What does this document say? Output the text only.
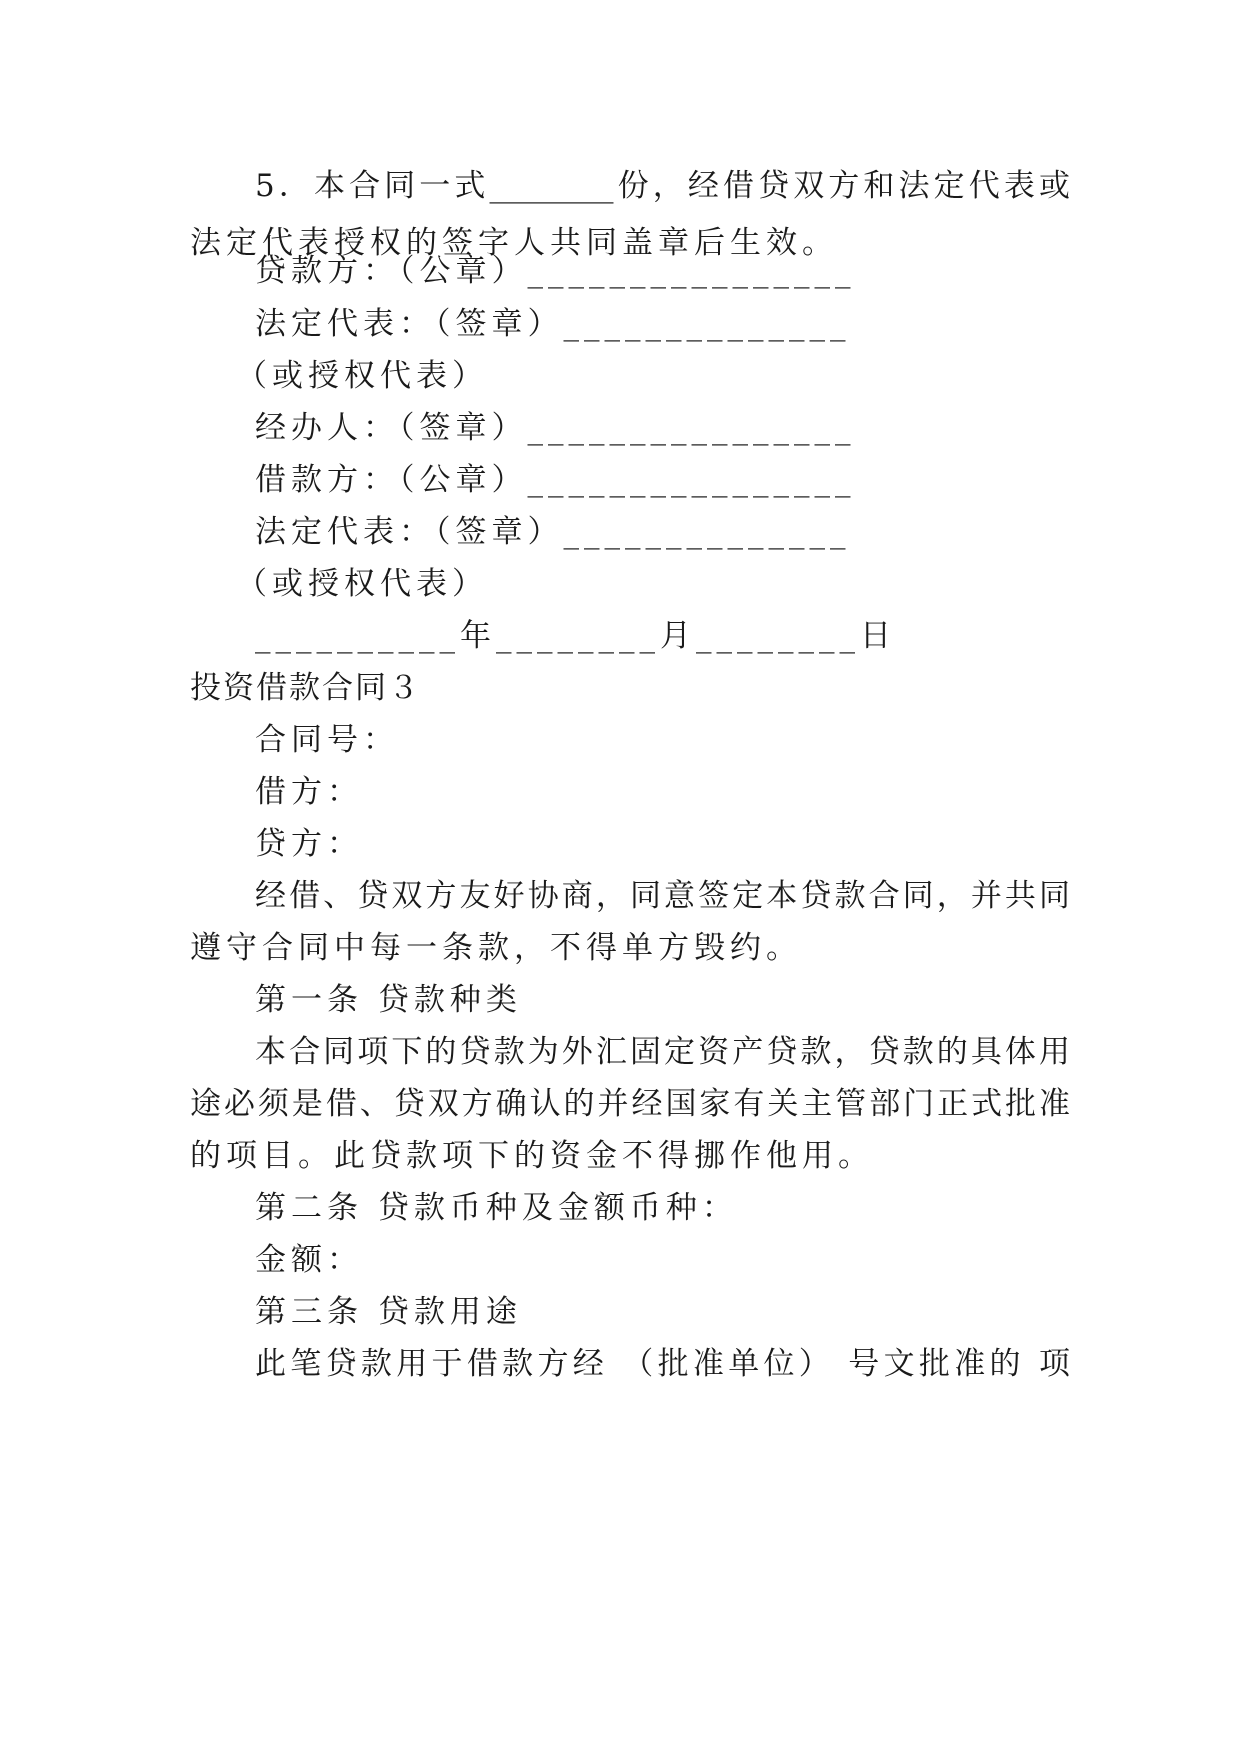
5．本合同一式________份，经借贷双方和法定代表或
法定代表授权的签字人共同盖章后生效。
贷款方：（公章）________________
法定代表：（签章）______________
（或授权代表）
经办人：（签章）________________
借款方：（公章）________________
法定代表：（签章）______________
（或授权代表）
__________年________月________日
投资借款合同３
合同号：
借方：
贷方：
经借、贷双方友好协商，同意签定本贷款合同，并共同
遵守合同中每一条款，不得单方毁约。
第一条 贷款种类
本合同项下的贷款为外汇固定资产贷款，贷款的具体用
途必须是借、贷双方确认的并经国家有关主管部门正式批准
的项目。此贷款项下的资金不得挪作他用。
第二条 贷款币种及金额币种：
金额：
第三条 贷款用途
此笔贷款用于借款方经 （批准单位） 号文批准的 项
